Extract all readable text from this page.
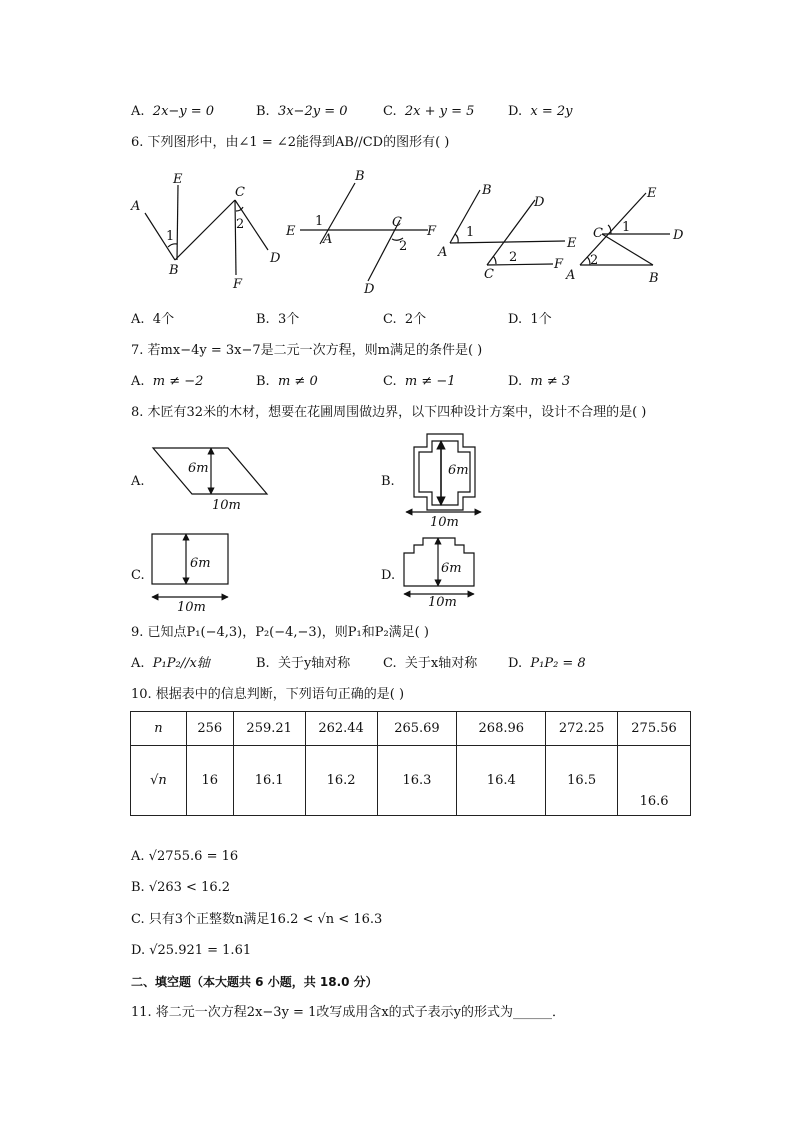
A. 2x−y = 0	B. 3x−2y = 0	C. 2x + y = 5	D. x = 2y
6. 下列图形中，由∠1 = ∠2能得到AB//CD的图形有( )
A
E
C
B
F
D
1
2
B
E
1
A
C
F
2
D
B
D
1
A
E
2	F
C
E
C 1
D
2
A	B
A. 4个	B. 3个	C. 2个	D. 1个
7. 若mx−4y = 3x−7是二元一次方程，则m满足的条件是( )
A. m ≠ −2	B. m ≠ 0	C. m ≠ −1	D. m ≠ 3
8. 木匠有32米的木材，想要在花圃周围做边界，以下四种设计方案中，设计不合理的是( )
A.	B.
C.	D.
6m
10m
6m
10m
6m
10m
6m
10m
9. 已知点P₁(−4,3)，P₂(−4,−3)，则P₁和P₂满足( )
A. P₁P₂//x轴	B. 关于y轴对称	C. 关于x轴对称 D. P₁P₂ = 8
10. 根据表中的信息判断，下列语句正确的是( )
n	256	259.21	262.44	265.69	268.96	272.25	275.56
√n	16	16.1	16.2	16.3	16.4	16.5	16.6
A. √2755.6 = 16
B. √263 < 16.2
C. 只有3个正整数n满足16.2 < √n < 16.3
D. √25.921 = 1.61
二、填空题（本大题共 6 小题，共 18.0 分）
11. 将二元一次方程2x−3y = 1改写成用含x的式子表示y的形式为______．
